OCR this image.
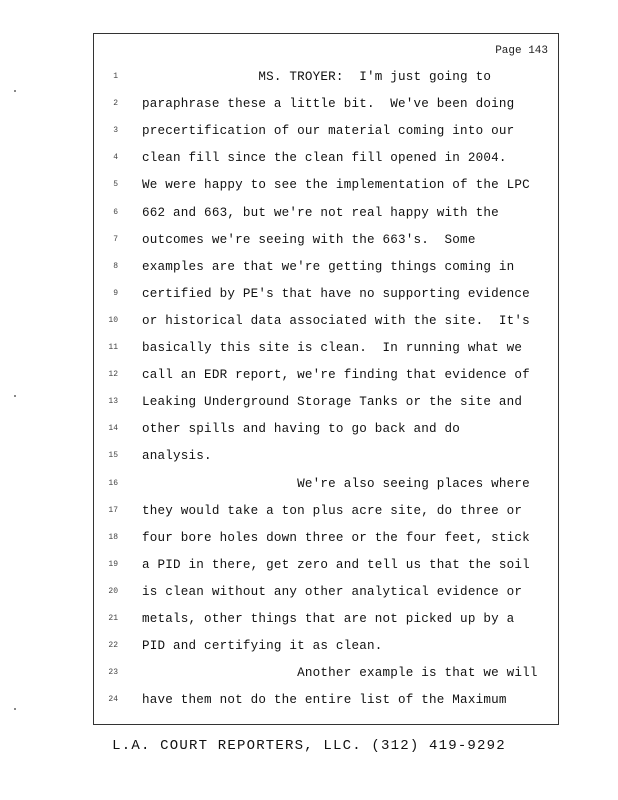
Page 143
1
2
3
4
5
6
7
8
9
10
11
12
13
14
15
16
17
18
19
20
21
22
23
24
MS. TROYER:  I'm just going to
paraphrase these a little bit.  We've been doing
precertification of our material coming into our
clean fill since the clean fill opened in 2004.
We were happy to see the implementation of the LPC
662 and 663, but we're not real happy with the
outcomes we're seeing with the 663's.  Some
examples are that we're getting things coming in
certified by PE's that have no supporting evidence
or historical data associated with the site.  It's
basically this site is clean.  In running what we
call an EDR report, we're finding that evidence of
Leaking Underground Storage Tanks or the site and
other spills and having to go back and do
analysis.
We're also seeing places where
they would take a ton plus acre site, do three or
four bore holes down three or the four feet, stick
a PID in there, get zero and tell us that the soil
is clean without any other analytical evidence or
metals, other things that are not picked up by a
PID and certifying it as clean.
Another example is that we will
have them not do the entire list of the Maximum
L.A. COURT REPORTERS, LLC. (312) 419-9292
